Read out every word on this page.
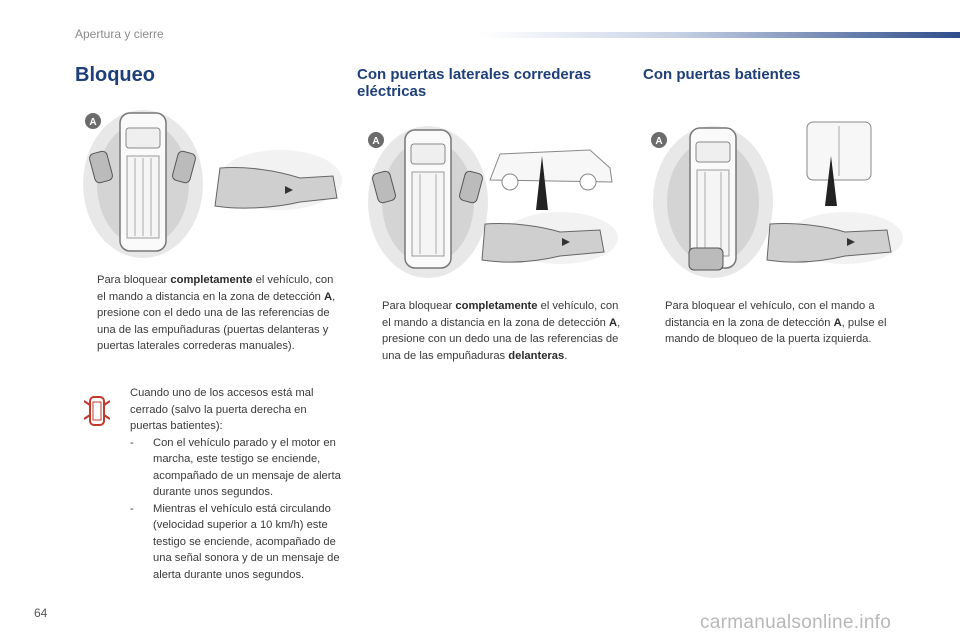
Apertura y cierre
Bloqueo	Con puertas laterales correderas eléctricas
Con puertas batientes
A
A	A
Para bloquear completamente el vehículo, con el mando a distancia en la zona de detección A, presione con el dedo una de las referencias de una de las empuñaduras (puertas delanteras y puertas laterales correderas manuales).
Cuando uno de los accesos está mal cerrado (salvo la puerta derecha en puertas batientes):
- Con el vehículo parado y el motor en marcha, este testigo se enciende, acompañado de un mensaje de alerta durante unos segundos.
- Mientras el vehículo está circulando (velocidad superior a 10 km/h) este testigo se enciende, acompañado de una señal sonora y de un mensaje de alerta durante unos segundos.
Para bloquear completamente el vehículo, con el mando a distancia en la zona de detección A, presione con un dedo una de las referencias de una de las empuñaduras delanteras.
Para bloquear el vehículo, con el mando a distancia en la zona de detección A, pulse el mando de bloqueo de la puerta izquierda.
64	carmanualsonline.info
